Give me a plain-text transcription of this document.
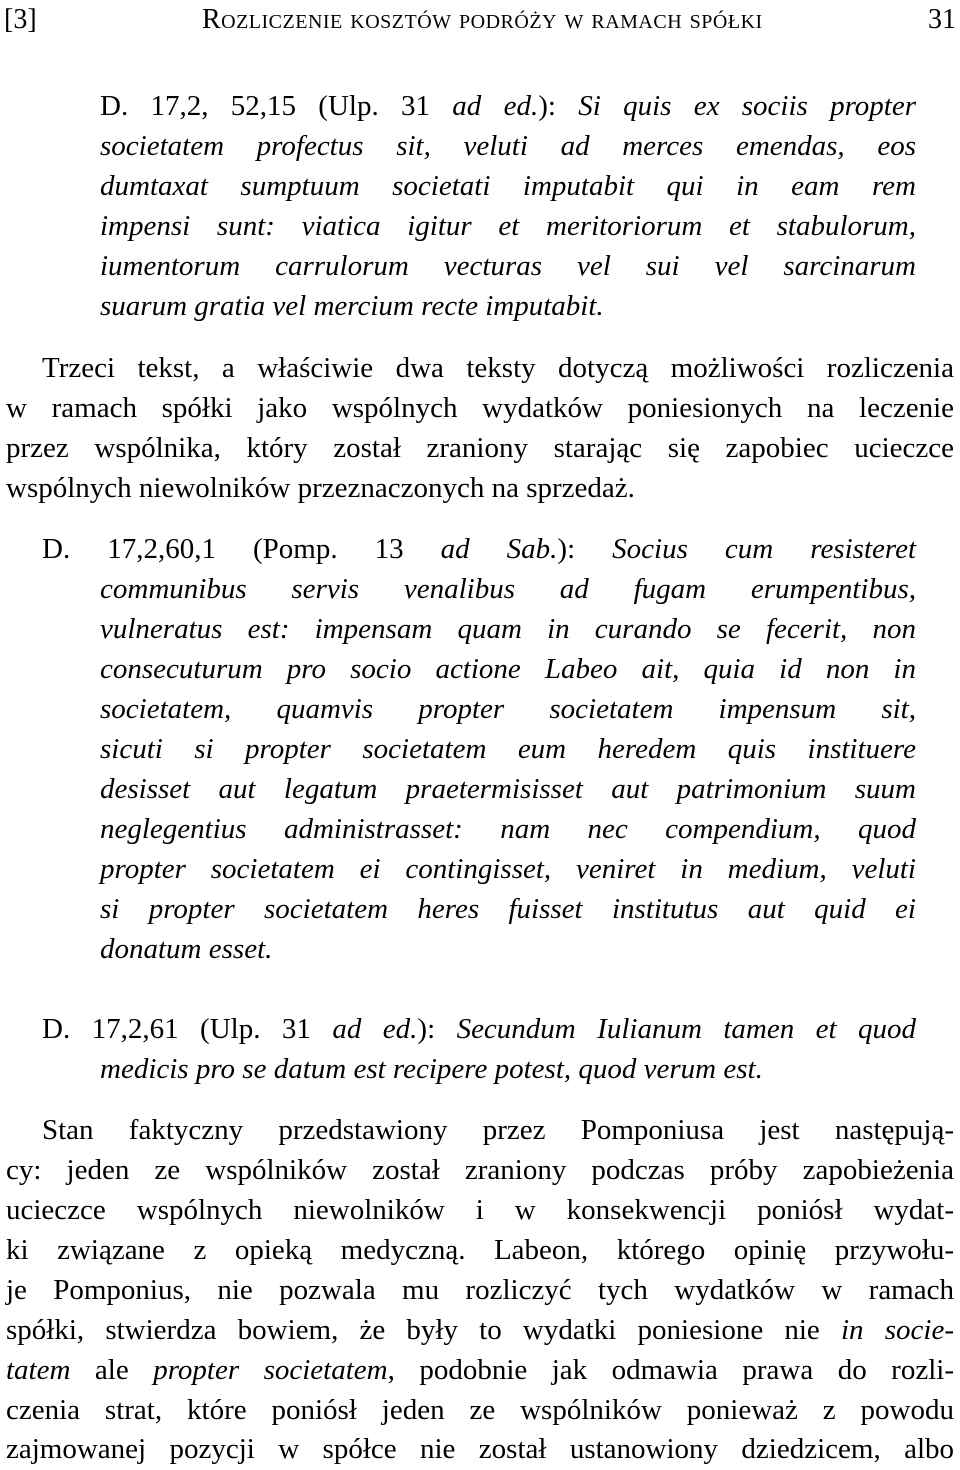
[3]	Rozliczenie kosztów podróży w ramach spółki	31
D. 17,2, 52,15 (Ulp. 31 ad ed.): Si quis ex sociis propter
societatem profectus sit, veluti ad merces emendas, eos
dumtaxat sumptuum societati imputabit qui in eam rem
impensi sunt: viatica igitur et meritoriorum et stabulorum,
iumentorum carrulorum vecturas vel sui vel sarcinarum
suarum gratia vel mercium recte imputabit.
Trzeci tekst, a właściwie dwa teksty dotyczą możliwości rozliczenia
w ramach spółki jako wspólnych wydatków poniesionych na leczenie
przez wspólnika, który został zraniony starając się zapobiec ucieczce
wspólnych niewolników przeznaczonych na sprzedaż.
D. 17,2,60,1 (Pomp. 13 ad Sab.): Socius cum resisteret
communibus servis venalibus ad fugam erumpentibus,
vulneratus est: impensam quam in curando se fecerit, non
consecuturum pro socio actione Labeo ait, quia id non in
societatem, quamvis propter societatem impensum sit,
sicuti si propter societatem eum heredem quis instituere
desisset aut legatum praetermisisset aut patrimonium suum
neglegentius administrasset: nam nec compendium, quod
propter societatem ei contingisset, veniret in medium, veluti
si propter societatem heres fuisset institutus aut quid ei
donatum esset.
D. 17,2,61 (Ulp. 31 ad ed.): Secundum Iulianum tamen et quod
medicis pro se datum est recipere potest, quod verum est.
Stan faktyczny przedstawiony przez Pomponiusa jest następują-
cy: jeden ze wspólników został zraniony podczas próby zapobieżenia
ucieczce wspólnych niewolników i w konsekwencji poniósł wydat-
ki związane z opieką medyczną. Labeon, którego opinię przywołu-
je Pomponius, nie pozwala mu rozliczyć tych wydatków w ramach
spółki, stwierdza bowiem, że były to wydatki poniesione nie in socie-
tatem ale propter societatem, podobnie jak odmawia prawa do rozli-
czenia strat, które poniósł jeden ze wspólników ponieważ z powodu
zajmowanej pozycji w spółce nie został ustanowiony dziedzicem, albo
